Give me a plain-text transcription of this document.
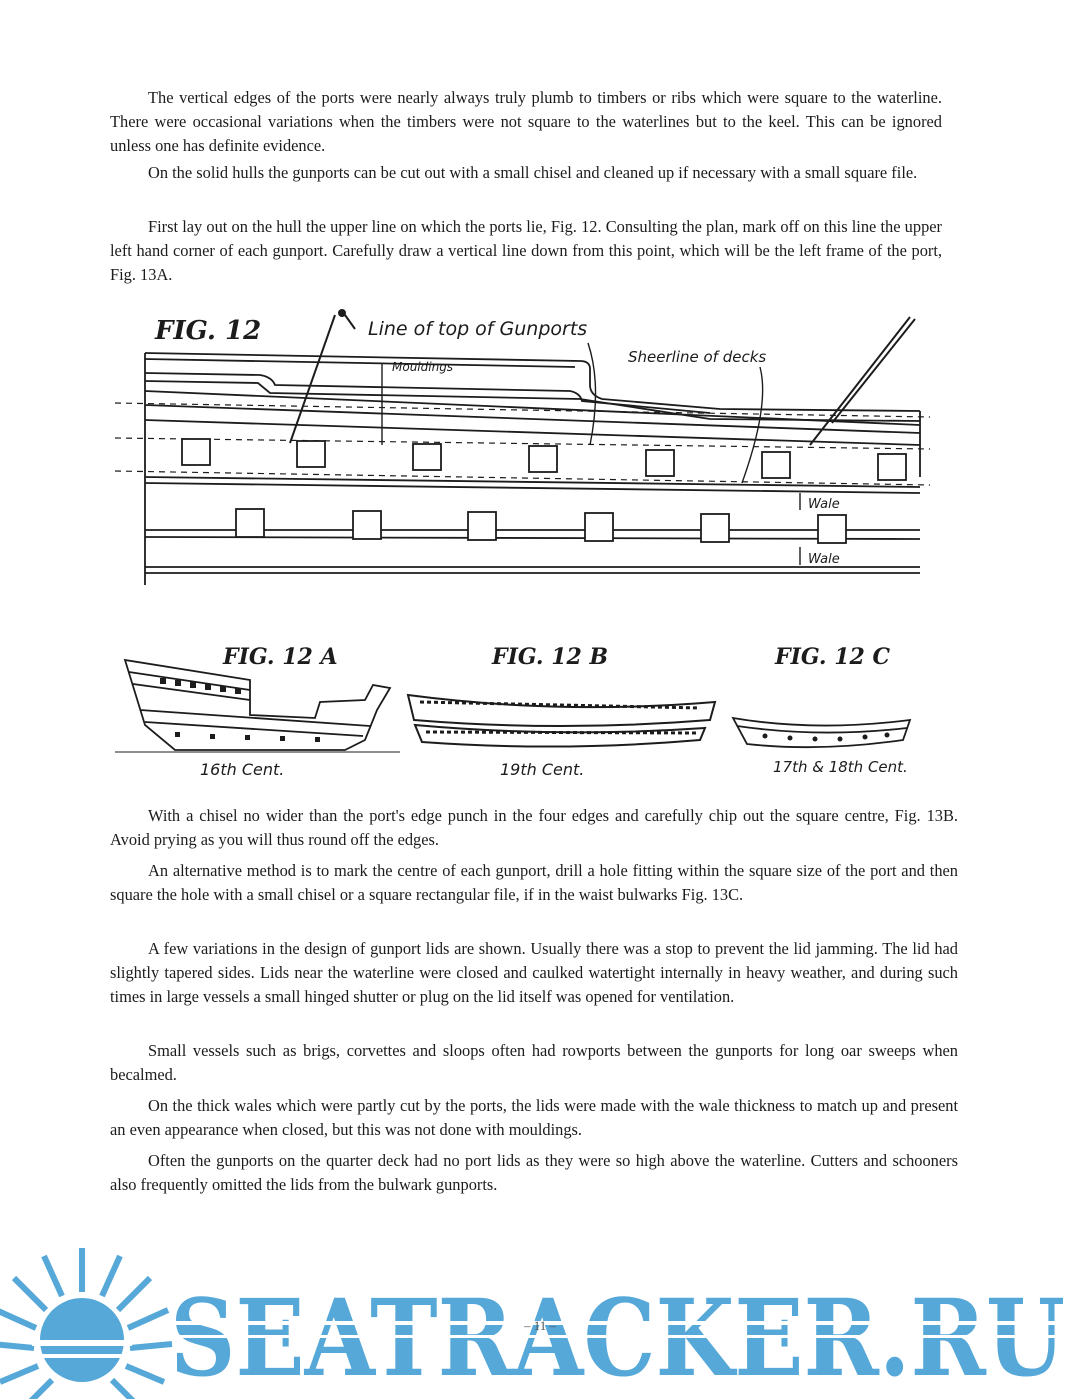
The vertical edges of the ports were nearly always truly plumb to timbers or ribs which were square to the waterline. There were occasional variations when the timbers were not square to the waterlines but to the keel. This can be ignored unless one has definite evidence.

On the solid hulls the gunports can be cut out with a small chisel and cleaned up if necessary with a small square file.

First lay out on the hull the upper line on which the ports lie, Fig. 12. Consulting the plan, mark off on this line the upper left hand corner of each gunport. Carefully draw a vertical line down from this point, which will be the left frame of the port, Fig. 13A.

FIG. 12	Line of top of Gunports
Sheerline of decks
Mouldings
Wale
Wale
FIG. 12 A
16th Cent.
FIG. 12 B
19th Cent.
FIG. 12 C
17th & 18th Cent.

With a chisel no wider than the port's edge punch in the four edges and carefully chip out the square centre, Fig. 13B. Avoid prying as you will thus round off the edges.

An alternative method is to mark the centre of each gunport, drill a hole fitting within the square size of the port and then square the hole with a small chisel or a square rectangular file, if in the waist bulwarks Fig. 13C.

A few variations in the design of gunport lids are shown. Usually there was a stop to prevent the lid jamming. The lid had slightly tapered sides. Lids near the waterline were closed and caulked watertight internally in heavy weather, and during such times in large vessels a small hinged shutter or plug on the lid itself was opened for ventilation.

Small vessels such as brigs, corvettes and sloops often had rowports between the gunports for long oar sweeps when becalmed.

On the thick wales which were partly cut by the ports, the lids were made with the wale thickness to match up and present an even appearance when closed, but this was not done with mouldings.

Often the gunports on the quarter deck had no port lids as they were so high above the waterline. Cutters and schooners also frequently omitted the lids from the bulwark gunports.

– 11 –
